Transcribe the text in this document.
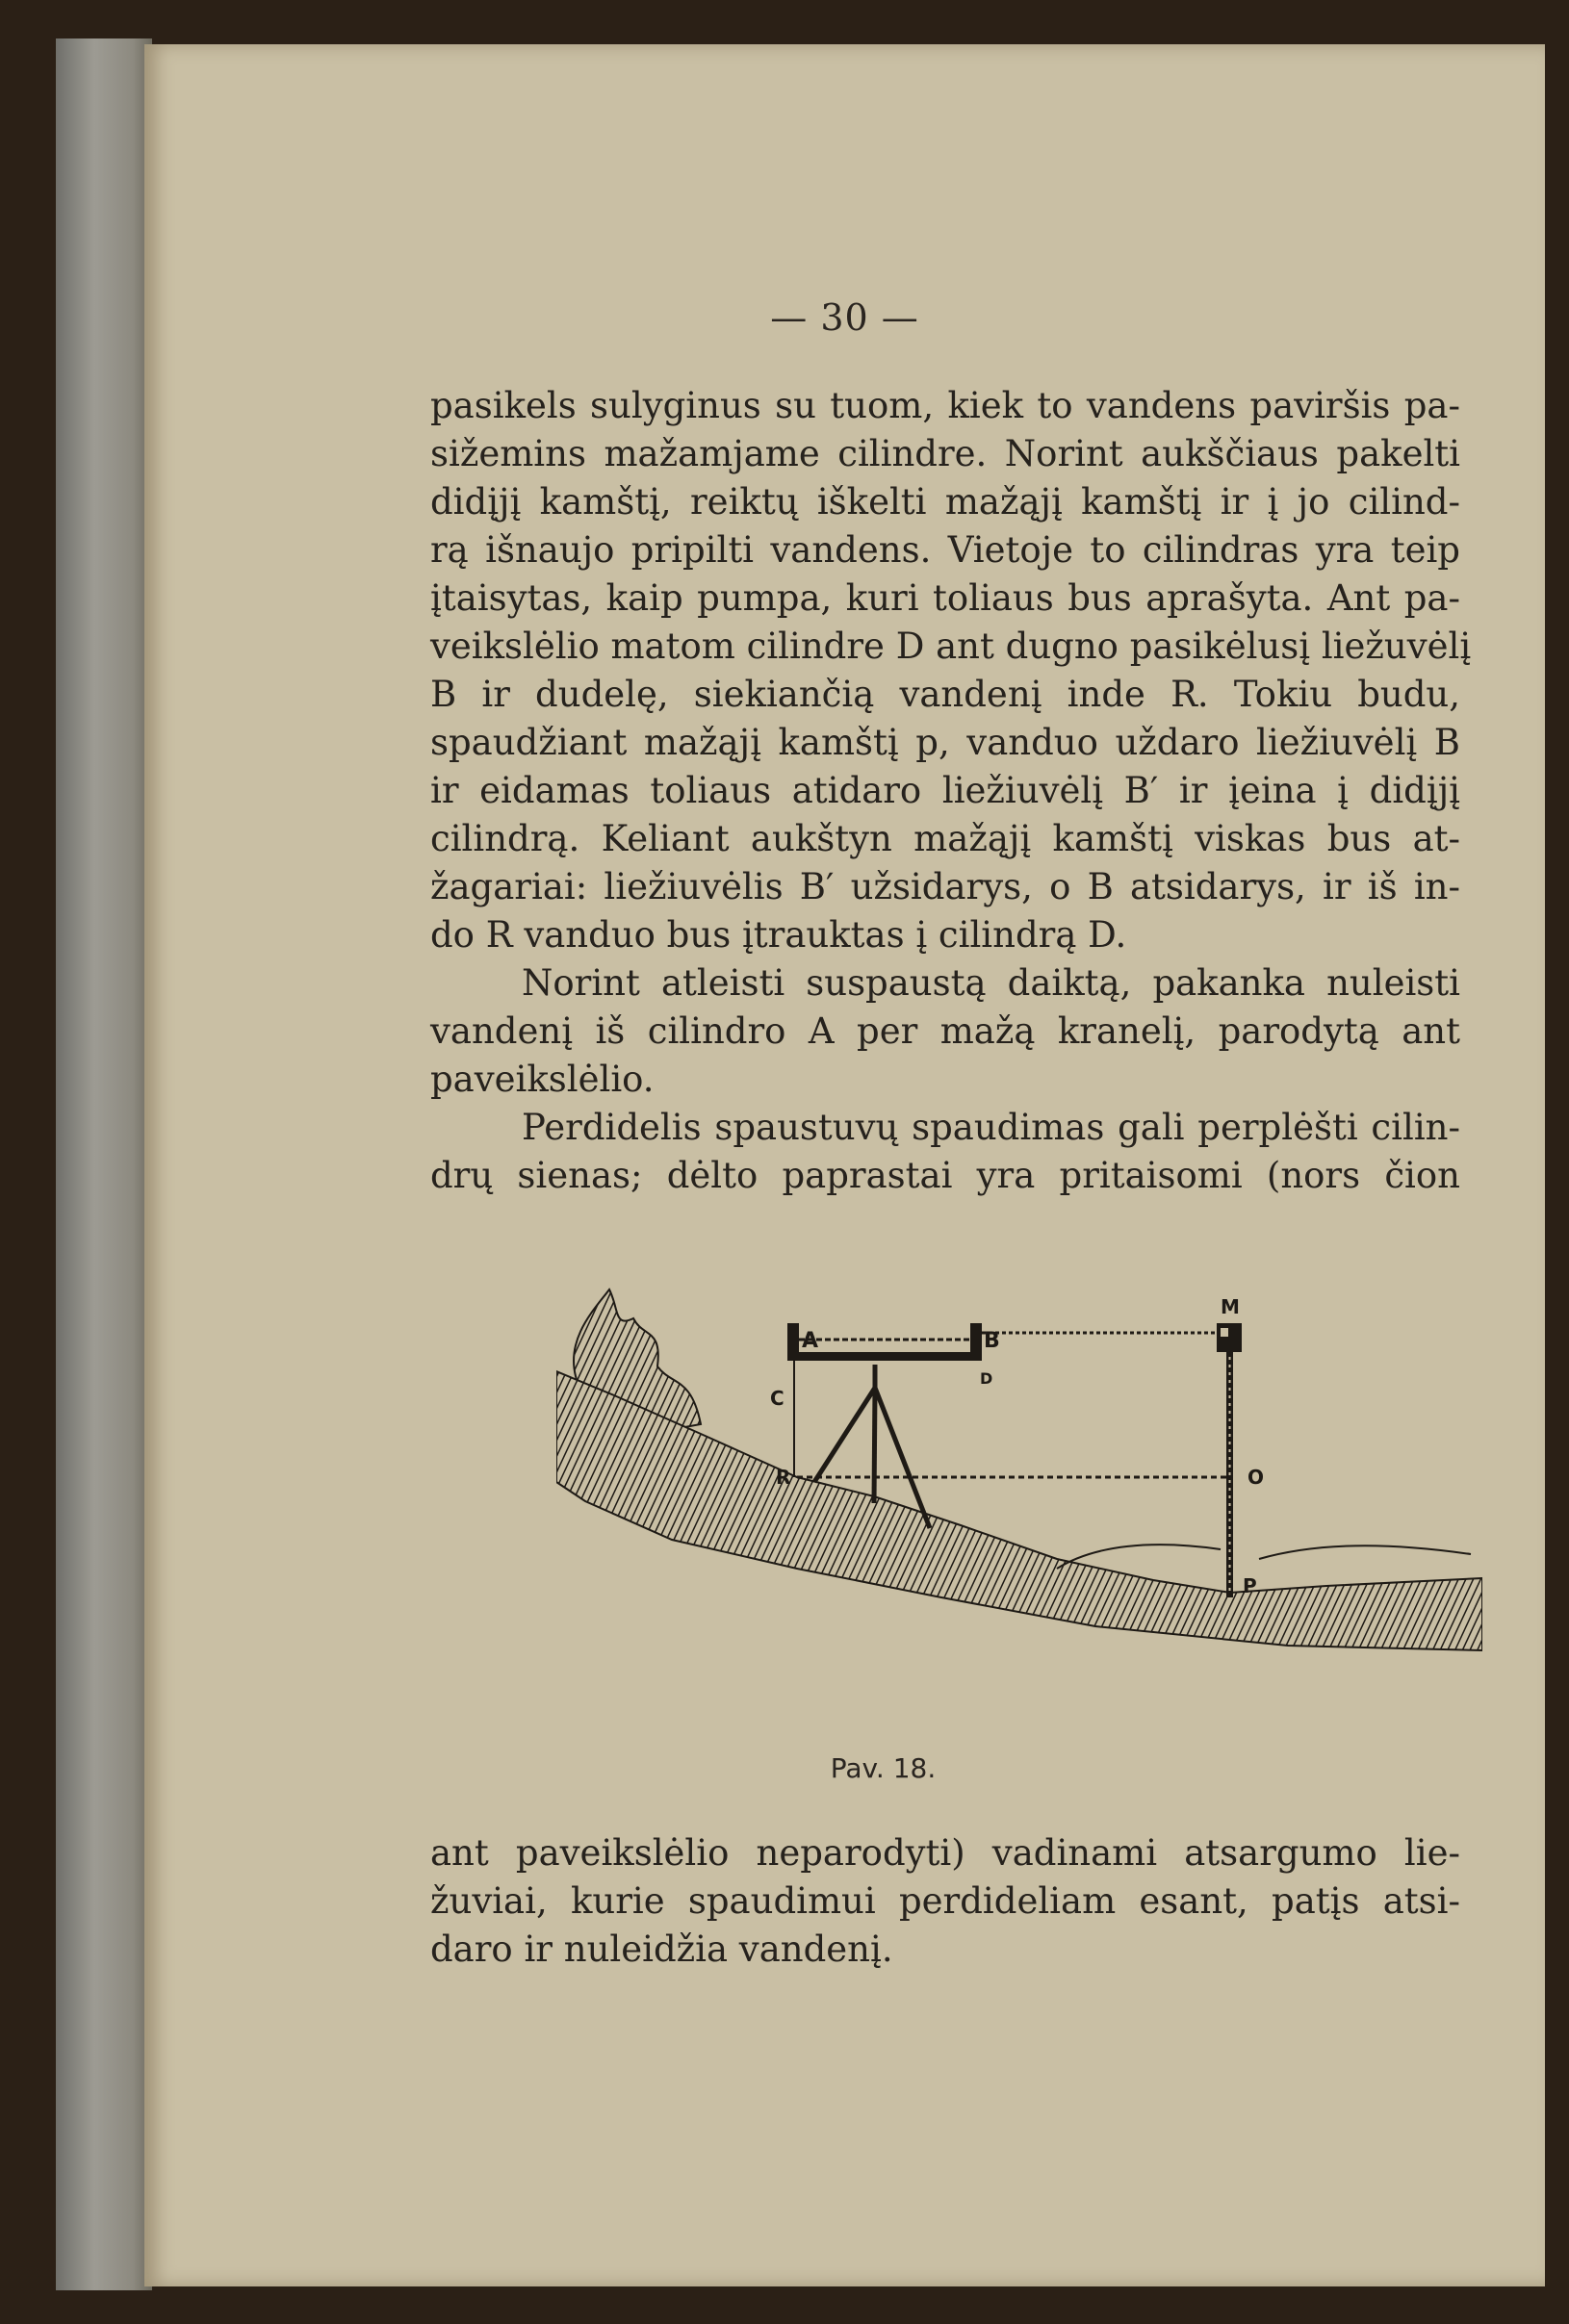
— 30 —
pasikels sulyginus su tuom, kiek to vandens paviršis pa-
sižemins mažamjame cilindre. Norint aukščiaus pakelti
didįjį kamštį, reiktų iškelti mažąjį kamštį ir į jo cilind-
rą išnaujo pripilti vandens. Vietoje to cilindras yra teip
įtaisytas, kaip pumpa, kuri toliaus bus aprašyta. Ant pa-
veikslėlio matom cilindre D ant dugno pasikėlusį liežuvėlį
B ir dudelę, siekiančią vandenį inde R. Tokiu budu,
spaudžiant mažąjį kamštį p, vanduo uždaro liežiuvėlį B
ir eidamas toliaus atidaro liežiuvėlį B′ ir įeina į didįjį
cilindrą. Keliant aukštyn mažąjį kamštį viskas bus at-
žagariai: liežiuvėlis B′ užsidarys, o B atsidarys, ir iš in-
do R vanduo bus įtrauktas į cilindrą D.
Norint atleisti suspaustą daiktą, pakanka nuleisti
vandenį iš cilindro A per mažą kranelį, parodytą ant
paveikslėlio.
Perdidelis spaustuvų spaudimas gali perplėšti cilin-
drų sienas; dėlto paprastai yra pritaisomi (nors čion
A	B
C
D
M
O
P
R
Pav. 18.
ant paveikslėlio neparodyti) vadinami atsargumo lie-
žuviai, kurie spaudimui perdideliam esant, patįs atsi-
daro ir nuleidžia vandenį.
